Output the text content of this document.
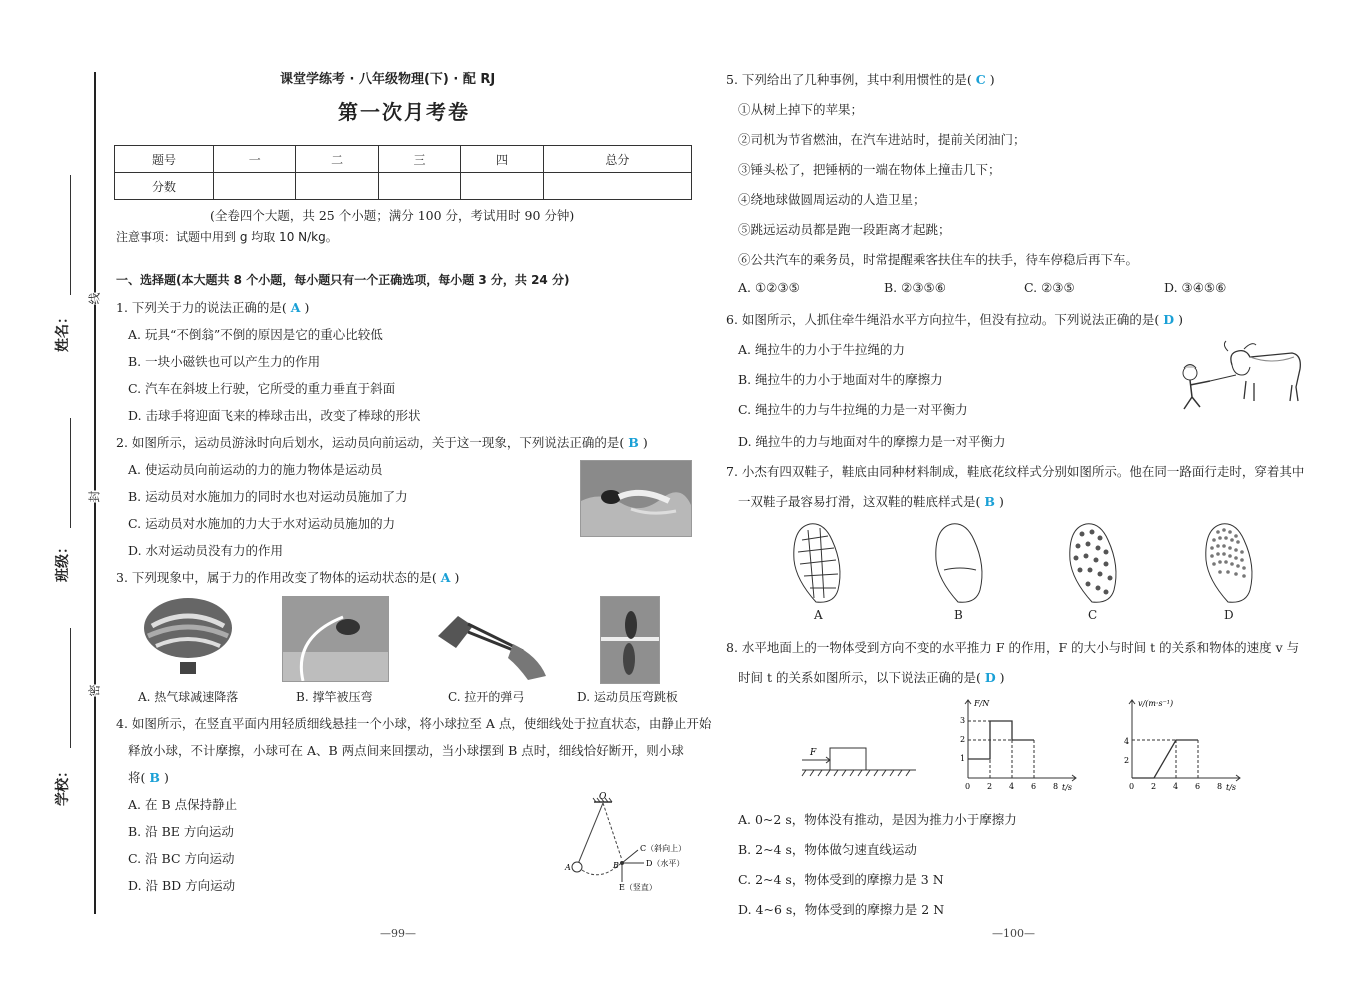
姓名：
班级：
学校：
线
封
密
课堂学练考 · 八年级物理(下) · 配 RJ
第一次月考卷
题号	一	二	三	四	总分
分数					
(全卷四个大题，共 25 个小题；满分 100 分，考试用时 90 分钟)
注意事项：试题中用到 g 均取 10 N/kg。
一、选择题(本大题共 8 个小题，每小题只有一个正确选项，每小题 3 分，共 24 分)
1. 下列关于力的说法正确的是( A )
A. 玩具“不倒翁”不倒的原因是它的重心比较低
B. 一块小磁铁也可以产生力的作用
C. 汽车在斜坡上行驶，它所受的重力垂直于斜面
D. 击球手将迎面飞来的棒球击出，改变了棒球的形状
2. 如图所示，运动员游泳时向后划水，运动员向前运动，关于这一现象，下列说法正确的是( B )
A. 使运动员向前运动的力的施力物体是运动员
B. 运动员对水施加力的同时水也对运动员施加了力
C. 运动员对水施加的力大于水对运动员施加的力
D. 水对运动员没有力的作用
3. 下列现象中，属于力的作用改变了物体的运动状态的是( A )
A. 热气球减速降落	B. 撑竿被压弯	C. 拉开的弹弓	D. 运动员压弯跳板
4. 如图所示，在竖直平面内用轻质细线悬挂一个小球，将小球拉至 A 点，使细线处于拉直状态，由静止开始
释放小球，不计摩擦，小球可在 A、B 两点间来回摆动，当小球摆到 B 点时，细线恰好断开，则小球
将( B )
A. 在 B 点保持静止
B. 沿 BE 方向运动
C. 沿 BC 方向运动
D. 沿 BD 方向运动
O
A	B
C（斜向上）
D（水平）
E（竖直）
—99—
5. 下列给出了几种事例，其中利用惯性的是( C )
①从树上掉下的苹果；
②司机为节省燃油，在汽车进站时，提前关闭油门；
③锤头松了，把锤柄的一端在物体上撞击几下；
④绕地球做圆周运动的人造卫星；
⑤跳远运动员都是跑一段距离才起跳；
⑥公共汽车的乘务员，时常提醒乘客扶住车的扶手，待车停稳后再下车。
A. ①②③⑤	B. ②③⑤⑥	C. ②③⑤	D. ③④⑤⑥
6. 如图所示，人抓住牵牛绳沿水平方向拉牛，但没有拉动。下列说法正确的是( D )
A. 绳拉牛的力小于牛拉绳的力
B. 绳拉牛的力小于地面对牛的摩擦力
C. 绳拉牛的力与牛拉绳的力是一对平衡力
D. 绳拉牛的力与地面对牛的摩擦力是一对平衡力
7. 小杰有四双鞋子，鞋底由同种材料制成，鞋底花纹样式分别如图所示。他在同一路面行走时，穿着其中
一双鞋子最容易打滑，这双鞋的鞋底样式是( B )
A	B	C	D
8. 水平地面上的一物体受到方向不变的水平推力 F 的作用，F 的大小与时间 t 的关系和物体的速度 v 与
时间 t 的关系如图所示，以下说法正确的是( D )
F
F/N
t/s
1
2
3
0 2 4 6 8
v/(m·s⁻¹)
t/s
2
4
0 2 4 6 8
A. 0~2 s，物体没有推动，是因为推力小于摩擦力
B. 2~4 s，物体做匀速直线运动
C. 2~4 s，物体受到的摩擦力是 3 N
D. 4~6 s，物体受到的摩擦力是 2 N
—100—
